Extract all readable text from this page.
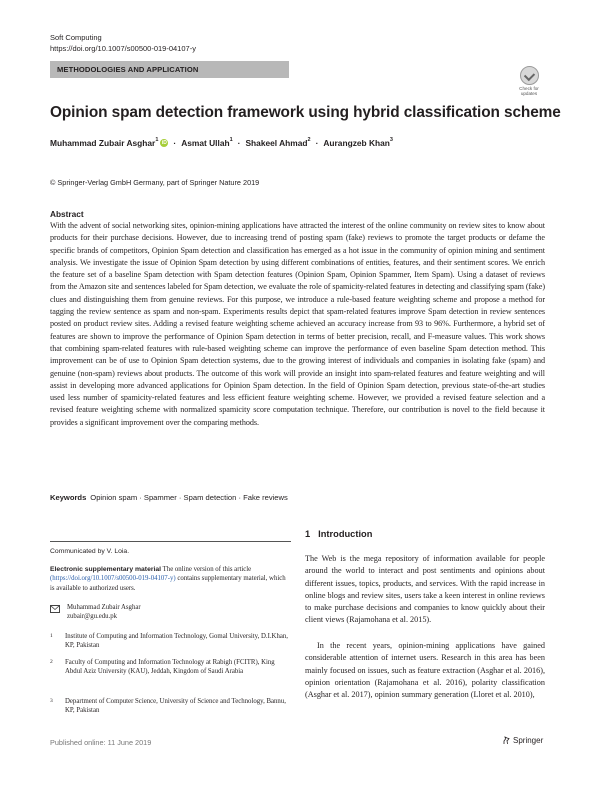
Soft Computing
https://doi.org/10.1007/s00500-019-04107-y
METHODOLOGIES AND APPLICATION
Check for
updates
Opinion spam detection framework using hybrid classification scheme
Muhammad Zubair Asghar$^1$ iD · Asmat Ullah$^1$ · Shakeel Ahmad$^2$ · Aurangzeb Khan$^3$
© Springer-Verlag GmbH Germany, part of Springer Nature 2019
Abstract
With the advent of social networking sites, opinion-mining applications have attracted the interest of the online community on review sites to know about products for their purchase decisions. However, due to increasing trend of posting spam (fake) reviews to promote the target products or defame the specific brands of competitors, Opinion Spam detection and classification has emerged as a hot issue in the community of opinion mining and sentiment analysis. We investigate the issue of Opinion Spam detection by using different combinations of entities, features, and their sentiment scores. We enrich the feature set of a baseline Spam detection with Spam detection features (Opinion Spam, Opinion Spammer, Item Spam). Using a dataset of reviews from the Amazon site and sentences labeled for Spam detection, we evaluate the role of spamicity-related features in detecting and classifying spam (fake) clues and distinguishing them from genuine reviews. For this purpose, we introduce a rule-based feature weighting scheme and propose a method for tagging the review sentence as spam and non-spam. Experiments results depict that spam-related features improve Spam detection in review sentences posted on product review sites. Adding a revised feature weighting scheme achieved an accuracy increase from 93 to 96%. Furthermore, a hybrid set of features are shown to improve the performance of Opinion Spam detection in terms of better precision, recall, and F-measure values. This work shows that combining spam-related features with rule-based weighting scheme can improve the performance of even baseline Spam detection method. This improvement can be of use to Opinion Spam detection systems, due to the growing interest of individuals and companies in isolating fake (spam) and genuine (non-spam) reviews about products. The outcome of this work will provide an insight into spam-related features and feature weighting and will assist in developing more advanced applications for Opinion Spam detection. In the field of Opinion Spam detection, previous state-of-the-art studies used less number of spamicity-related features and less efficient feature weighting scheme. However, we provided a revised feature selection and a revised feature weighting scheme with normalized spamicity score computation technique. Therefore, our contribution is novel to the field because it provides a significant improvement over the comparing methods.
Keywords Opinion spam · Spammer · Spam detection · Fake reviews
Communicated by V. Loia.
Electronic supplementary material The online version of this article (https://doi.org/10.1007/s00500-019-04107-y) contains supplementary material, which is available to authorized users.
Muhammad Zubair Asghar
zubair@gu.edu.pk
1 Institute of Computing and Information Technology, Gomal University, D.I.Khan, KP, Pakistan
2 Faculty of Computing and Information Technology at Rabigh (FCITR), King Abdul Aziz University (KAU), Jeddah, Kingdom of Saudi Arabia
3 Department of Computer Science, University of Science and Technology, Bannu, KP, Pakistan
Published online: 11 June 2019
1 Introduction
The Web is the mega repository of information available for people around the world to interact and post sentiments and opinions about different issues, topics, products, and services. With the rapid increase in online blogs and review sites, users take a keen interest in online reviews to make purchase decisions and companies to know quickly about their client views (Rajamohana et al. 2015).
In the recent years, opinion-mining applications have gained considerable attention of internet users. Research in this area has been mainly focused on issues, such as feature extraction (Asghar et al. 2016), opinion orientation (Rajamohana et al. 2016), polarity classification (Asghar et al. 2017), opinion summary generation (Lloret et al. 2010),
Springer
